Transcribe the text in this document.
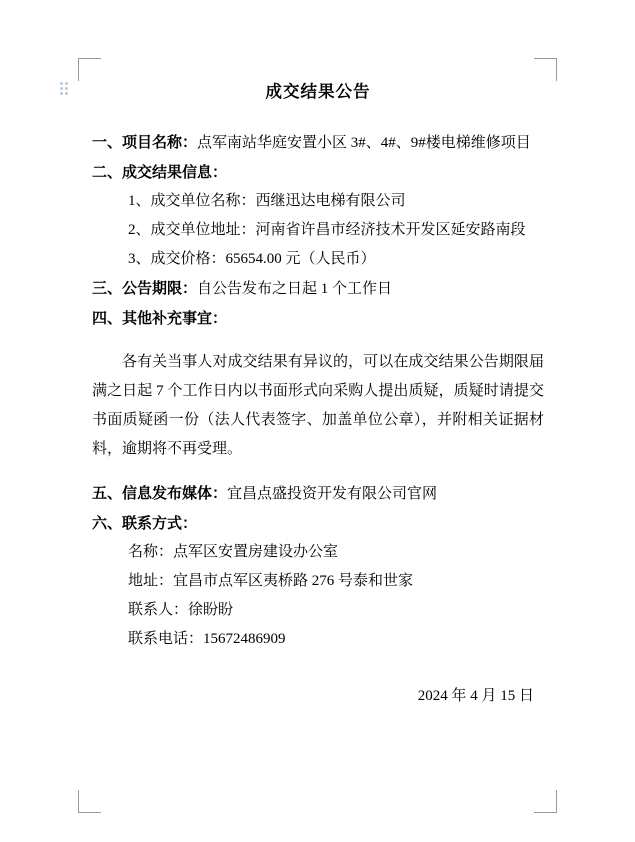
成交结果公告

一、项目名称：点军南站华庭安置小区 3#、4#、9#楼电梯维修项目

二、成交结果信息：

1、成交单位名称：西继迅达电梯有限公司

2、成交单位地址：河南省许昌市经济技术开发区延安路南段

3、成交价格：65654.00 元（人民币）

三、公告期限：自公告发布之日起 1 个工作日

四、其他补充事宜：

各有关当事人对成交结果有异议的，可以在成交结果公告期限届满之日起 7 个工作日内以书面形式向采购人提出质疑，质疑时请提交书面质疑函一份（法人代表签字、加盖单位公章），并附相关证据材料，逾期将不再受理。

五、信息发布媒体：宜昌点盛投资开发有限公司官网

六、联系方式：

名称：点军区安置房建设办公室

地址：宜昌市点军区夷桥路 276 号泰和世家

联系人：徐盼盼

联系电话：15672486909

2024 年 4 月 15 日
